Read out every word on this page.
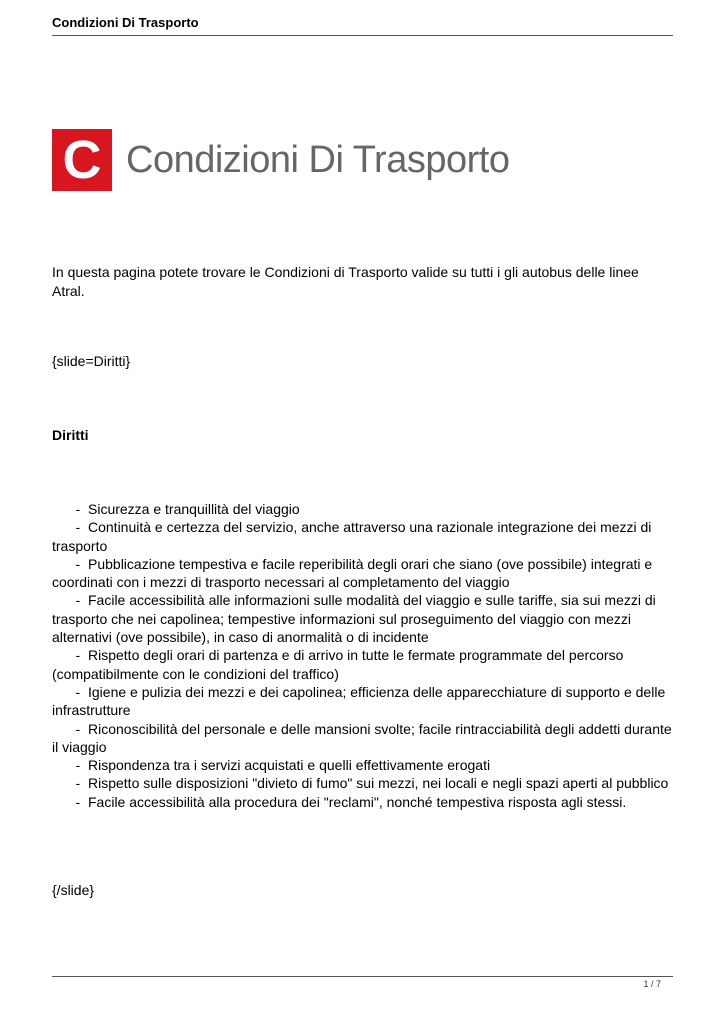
Condizioni Di Trasporto
C Condizioni Di Trasporto
In questa pagina potete trovare le Condizioni di Trasporto valide su tutti i gli autobus delle linee Atral.
{slide=Diritti}
Diritti
-  Sicurezza e tranquillità del viaggio
-  Continuità e certezza del servizio, anche attraverso una razionale integrazione dei mezzi di trasporto
-  Pubblicazione tempestiva e facile reperibilità degli orari che siano (ove possibile) integrati e coordinati con i mezzi di trasporto necessari al completamento del viaggio
-  Facile accessibilità alle informazioni sulle modalità del viaggio e sulle tariffe, sia sui mezzi di trasporto che nei capolinea; tempestive informazioni sul proseguimento del viaggio con mezzi alternativi (ove possibile), in caso di anormalità o di incidente
-  Rispetto degli orari di partenza e di arrivo in tutte le fermate programmate del percorso (compatibilmente con le condizioni del traffico)
-  Igiene e pulizia dei mezzi e dei capolinea; efficienza delle apparecchiature di supporto e delle infrastrutture
-  Riconoscibilità del personale e delle mansioni svolte; facile rintracciabilità degli addetti durante il viaggio
-  Rispondenza tra i servizi acquistati e quelli effettivamente erogati
-  Rispetto sulle disposizioni "divieto di fumo" sui mezzi, nei locali e negli spazi aperti al pubblico
-  Facile accessibilità alla procedura dei "reclami", nonché tempestiva risposta agli stessi.
{/slide}
1 / 7
